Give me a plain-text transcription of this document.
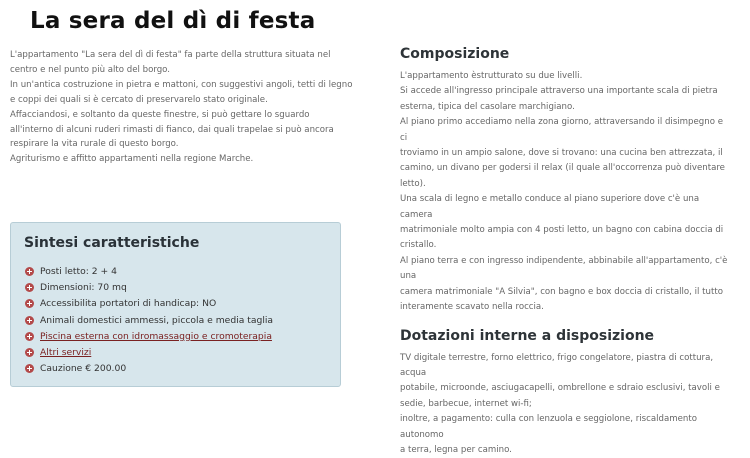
La sera del dì di festa

L'appartamento "La sera del dì di festa" fa parte della struttura situata nel

centro e nel punto più alto del borgo.

In un'antica costruzione in pietra e mattoni, con suggestivi angoli, tetti di legno

e coppi dei quali si è cercato di preservarelo stato originale.

Affacciandosi, e soltanto da queste finestre, si può gettare lo sguardo

all'interno di alcuni ruderi rimasti di fianco, dai quali trapelae si può ancora

respirare la vita rurale di questo borgo.

Agriturismo e affitto appartamenti nella regione Marche.

Sintesi caratteristiche
Posti letto: 2 + 4
Dimensioni: 70 mq
Accessibilita portatori di handicap: NO
Animali domestici ammessi, piccola e media taglia
Piscina esterna con idromassaggio e cromoterapia
Altri servizi
Cauzione € 200.00
Composizione

L'appartamento èstrutturato su due livelli.

Si accede all'ingresso principale attraverso una importante scala di pietra

esterna, tipica del casolare marchigiano.

Al piano primo accediamo nella zona giorno, attraversando il disimpegno e ci

troviamo in un ampio salone, dove si trovano: una cucina ben attrezzata, il

camino, un divano per godersi il relax (il quale all'occorrenza può diventare

letto).

Una scala di legno e metallo conduce al piano superiore dove c'è una camera

matrimoniale molto ampia con 4 posti letto, un bagno con cabina doccia di

cristallo.

Al piano terra e con ingresso indipendente, abbinabile all'appartamento, c'è una

camera matrimoniale "A Silvia", con bagno e box doccia di cristallo, il tutto

interamente scavato nella roccia.

Dotazioni interne a disposizione

TV digitale terrestre, forno elettrico, frigo congelatore, piastra di cottura, acqua

potabile, microonde, asciugacapelli, ombrellone e sdraio esclusivi, tavoli e

sedie, barbecue, internet wi-fi;

inoltre, a pagamento: culla con lenzuola e seggiolone, riscaldamento autonomo

a terra, legna per camino.
